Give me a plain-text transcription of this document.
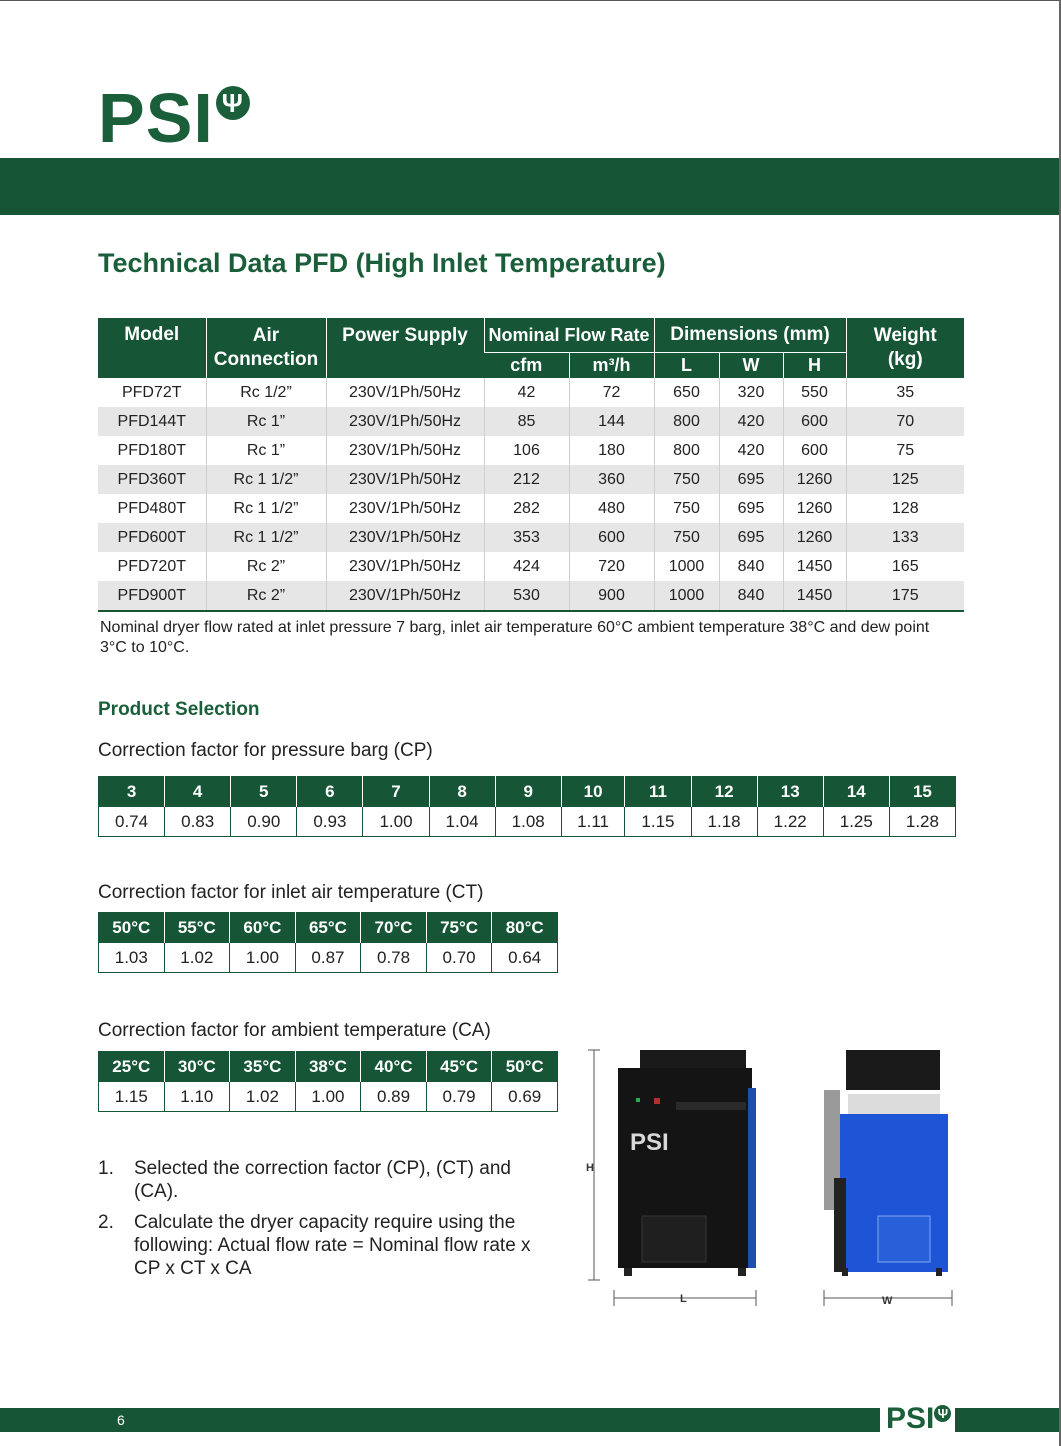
PSI Ψ
Technical Data PFD (High Inlet Temperature)
Model	Air Connection	Power Supply	Nominal Flow Rate		Dimensions (mm)			Weight (kg)
			cfm	m³/h	L	W	H	
PFD72T	Rc 1/2”	230V/1Ph/50Hz	42	72	650	320	550	35
PFD144T	Rc 1”	230V/1Ph/50Hz	85	144	800	420	600	70
PFD180T	Rc 1”	230V/1Ph/50Hz	106	180	800	420	600	75
PFD360T	Rc 1 1/2”	230V/1Ph/50Hz	212	360	750	695	1260	125
PFD480T	Rc 1 1/2”	230V/1Ph/50Hz	282	480	750	695	1260	128
PFD600T	Rc 1 1/2”	230V/1Ph/50Hz	353	600	750	695	1260	133
PFD720T	Rc 2”	230V/1Ph/50Hz	424	720	1000	840	1450	165
PFD900T	Rc 2”	230V/1Ph/50Hz	530	900	1000	840	1450	175
Nominal dryer flow rated at inlet pressure 7 barg, inlet air temperature 60°C ambient temperature 38°C and dew point 3°C to 10°C.
Product Selection
Correction factor for pressure barg (CP)
3	4	5	6	7	8	9	10	11	12	13	14	15
0.74	0.83	0.90	0.93	1.00	1.04	1.08	1.11	1.15	1.18	1.22	1.25	1.28
Correction factor for inlet air temperature (CT)
50°C	55°C	60°C	65°C	70°C	75°C	80°C
1.03	1.02	1.00	0.87	0.78	0.70	0.64
Correction factor for ambient temperature (CA)
25°C	30°C	35°C	38°C	40°C	45°C	50°C
1.15	1.10	1.02	1.00	0.89	0.79	0.69
1. Selected the correction factor (CP), (CT) and (CA).
2. Calculate the dryer capacity require using the following: Actual flow rate = Nominal flow rate x CP x CT x CA
H
PSI
L	W
6	PSI Ψ
